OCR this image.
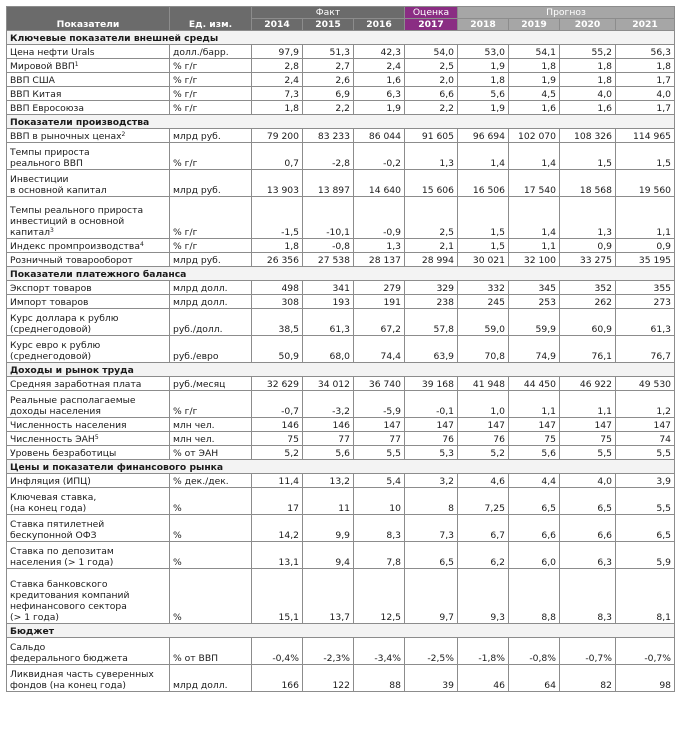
Показатели	Ед. изм.	Факт			Оценка	Прогноз			
		2014	2015	2016	2017	2018	2019	2020	2021
Ключевые показатели внешней среды									
Цена нефти Urals	долл./барр.	97,9	51,3	42,3	54,0	53,0	54,1	55,2	56,3
Мировой ВВП$^1$	% г/г	2,8	2,7	2,4	2,5	1,9	1,8	1,8	1,8
ВВП США	% г/г	2,4	2,6	1,6	2,0	1,8	1,9	1,8	1,7
ВВП Китая	% г/г	7,3	6,9	6,3	6,6	5,6	4,5	4,0	4,0
ВВП Евросоюза	% г/г	1,8	2,2	1,9	2,2	1,9	1,6	1,6	1,7
Показатели производства									
ВВП в рыночных ценах$^2$	млрд руб.	79 200	83 233	86 044	91 605	96 694	102 070	108 326	114 965
Темпы прироста
реального ВВП	% г/г	0,7	-2,8	-0,2	1,3	1,4	1,4	1,5	1,5
Инвестиции
в основной капитал	млрд руб.	13 903	13 897	14 640	15 606	16 506	17 540	18 568	19 560
Темпы реального прироста
инвестиций в основной
капитал$^3$	% г/г	-1,5	-10,1	-0,9	2,5	1,5	1,4	1,3	1,1
Индекс промпроизводства$^4$	% г/г	1,8	-0,8	1,3	2,1	1,5	1,1	0,9	0,9
Розничный товарооборот	млрд руб.	26 356	27 538	28 137	28 994	30 021	32 100	33 275	35 195
Показатели платежного баланса									
Экспорт товаров	млрд долл.	498	341	279	329	332	345	352	355
Импорт товаров	млрд долл.	308	193	191	238	245	253	262	273
Курс доллара к рублю
(среднегодовой)	руб./долл.	38,5	61,3	67,2	57,8	59,0	59,9	60,9	61,3
Курс евро к рублю
(среднегодовой)	руб./евро	50,9	68,0	74,4	63,9	70,8	74,9	76,1	76,7
Доходы и рынок труда									
Средняя заработная плата	руб./месяц	32 629	34 012	36 740	39 168	41 948	44 450	46 922	49 530
Реальные располагаемые
доходы населения	% г/г	-0,7	-3,2	-5,9	-0,1	1,0	1,1	1,1	1,2
Численность населения	млн чел.	146	146	147	147	147	147	147	147
Численность ЭАН$^5$	млн чел.	75	77	77	76	76	75	75	74
Уровень безработицы	% от ЭАН	5,2	5,6	5,5	5,3	5,2	5,6	5,5	5,5
Цены и показатели финансового рынка									
Инфляция (ИПЦ)	% дек./дек.	11,4	13,2	5,4	3,2	4,6	4,4	4,0	3,9
Ключевая ставка,
(на конец года)	%	17	11	10	8	7,25	6,5	6,5	5,5
Ставка пятилетней
бескупонной ОФЗ	%	14,2	9,9	8,3	7,3	6,7	6,6	6,6	6,5
Ставка по депозитам
населения (> 1 года)	%	13,1	9,4	7,8	6,5	6,2	6,0	6,3	5,9
Ставка банковского
кредитования компаний
нефинансового сектора
(> 1 года)	%	15,1	13,7	12,5	9,7	9,3	8,8	8,3	8,1
Бюджет									
Сальдо
федерального бюджета	% от ВВП	-0,4%	-2,3%	-3,4%	-2,5%	-1,8%	-0,8%	-0,7%	-0,7%
Ликвидная часть суверенных
фондов (на конец года)	млрд долл.	166	122	88	39	46	64	82	98
